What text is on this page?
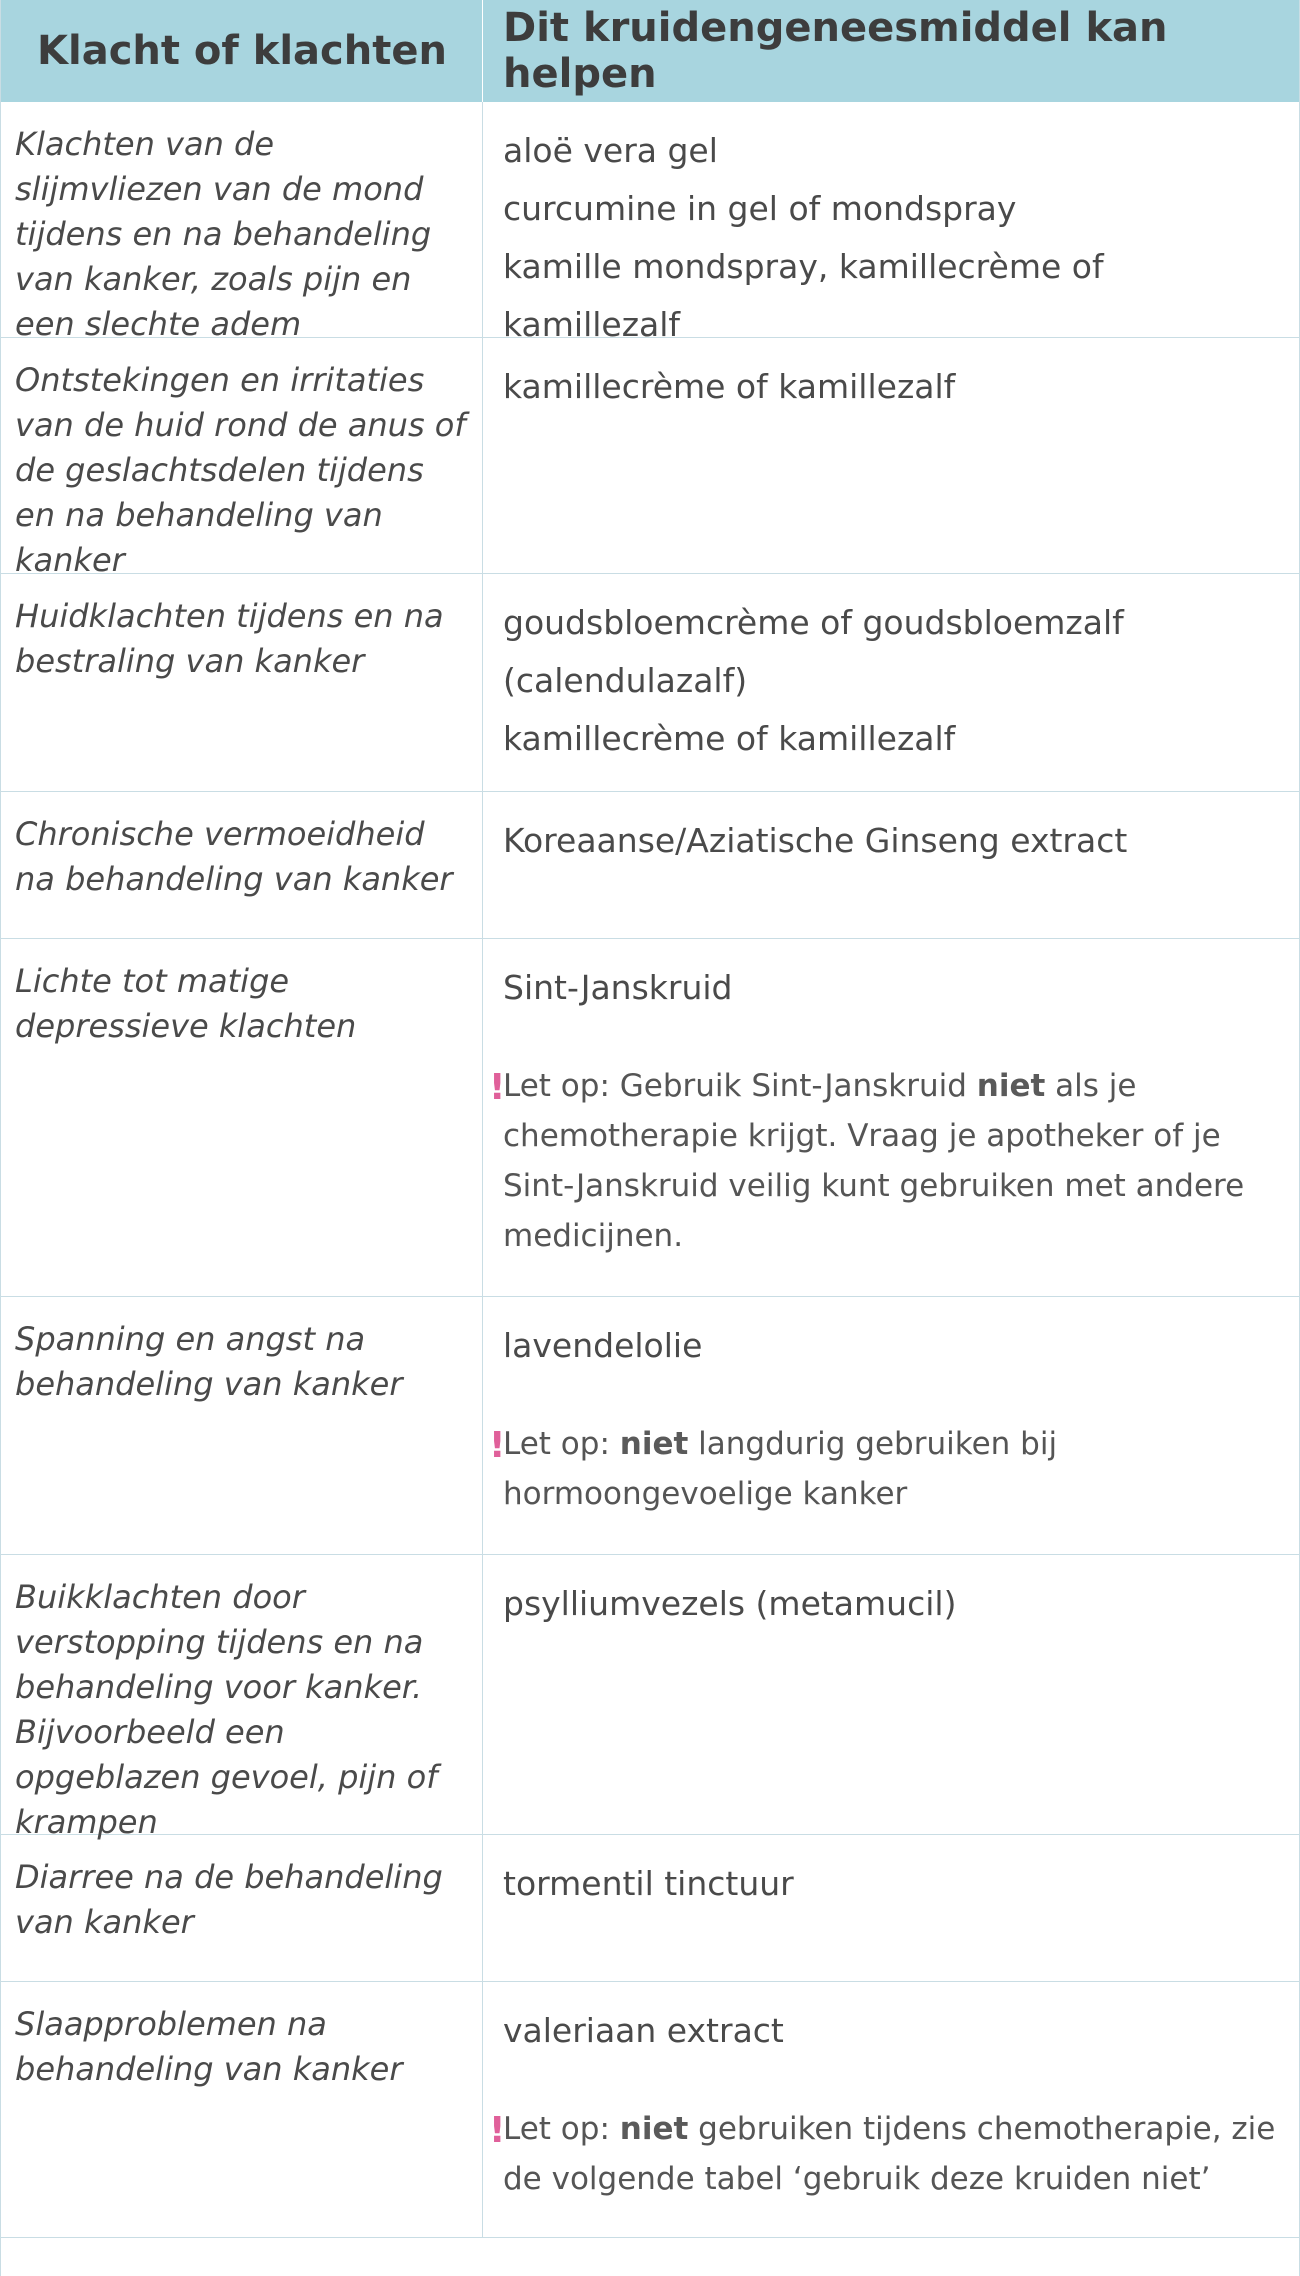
Klacht of klachten	Dit kruidengeneesmiddel kan helpen
Klachten van de slijmvliezen van de mond tijdens en na behandeling van kanker, zoals pijn en een slechte adem
aloë vera gel
curcumine in gel of mondspray
kamille mondspray, kamillecrème of kamillezalf
Ontstekingen en irritaties van de huid rond de anus of de geslachtsdelen tijdens en na behandeling van kanker
kamillecrème of kamillezalf
Huidklachten tijdens en na bestraling van kanker
goudsbloemcrème of goudsbloemzalf (calendulazalf)
kamillecrème of kamillezalf
Chronische vermoeidheid na behandeling van kanker
Koreaanse/Aziatische Ginseng extract
Lichte tot matige depressieve klachten
Sint-Janskruid
!
Let op: Gebruik Sint-Janskruid niet als je chemotherapie krijgt. Vraag je apotheker of je Sint-Janskruid veilig kunt gebruiken met andere medicijnen.
Spanning en angst na behandeling van kanker
lavendelolie
!
Let op: niet langdurig gebruiken bij hormoongevoelige kanker
Buikklachten door verstopping tijdens en na behandeling voor kanker. Bijvoorbeeld een opgeblazen gevoel, pijn of krampen
psylliumvezels (metamucil)
Diarree na de behandeling van kanker
tormentil tinctuur
Slaapproblemen na behandeling van kanker
valeriaan extract
!
Let op: niet gebruiken tijdens chemotherapie, zie de volgende tabel ‘gebruik deze kruiden niet’
